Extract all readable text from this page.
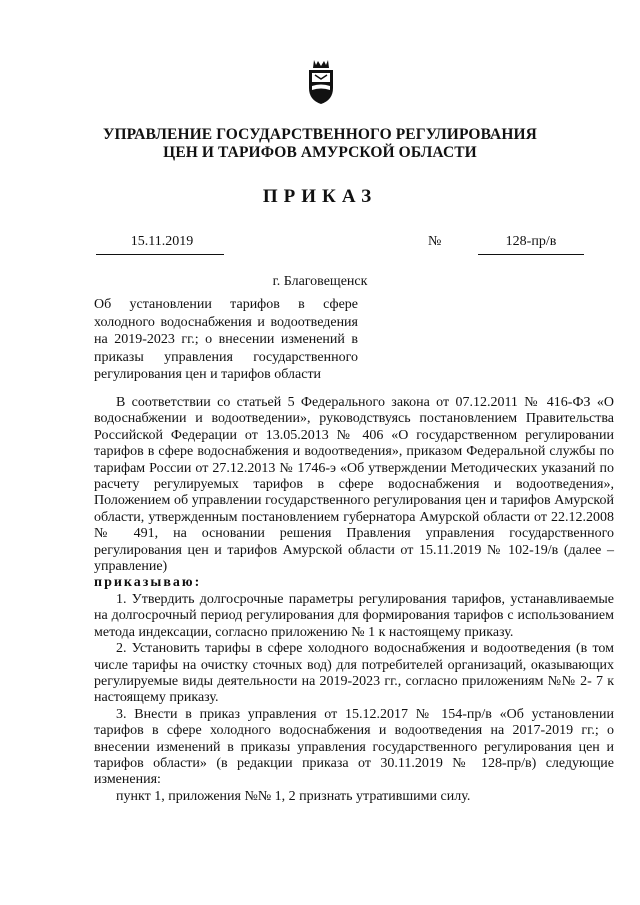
УПРАВЛЕНИЕ ГОСУДАРСТВЕННОГО РЕГУЛИРОВАНИЯ
ЦЕН И ТАРИФОВ АМУРСКОЙ ОБЛАСТИ
ПРИКАЗ
15.11.2019	№	128-пр/в
г. Благовещенск
Об установлении тарифов в сфере холодного водоснабжения и водоотведения на 2019-2023 гг.; о внесении изменений в приказы управления государственного регулирования цен и тарифов области

В соответствии со статьей 5 Федерального закона от 07.12.2011 № 416-ФЗ «О водоснабжении и водоотведении», руководствуясь постановлением Правительства Российской Федерации от 13.05.2013 № 406 «О государственном регулировании тарифов в сфере водоснабжения и водоотведения», приказом Федеральной службы по тарифам России от 27.12.2013 № 1746-э «Об утверждении Методических указаний по расчету регулируемых тарифов в сфере водоснабжения и водоотведения», Положением об управлении государственного регулирования цен и тарифов Амурской области, утвержденным постановлением губернатора Амурской области от 22.12.2008 № 491, на основании решения Правления управления государственного регулирования цен и тарифов Амурской области от 15.11.2019 № 102-19/в (далее – управление)

приказываю:

1. Утвердить долгосрочные параметры регулирования тарифов, устанавливаемые на долгосрочный период регулирования для формирования тарифов с использованием метода индексации, согласно приложению № 1 к настоящему приказу.

2. Установить тарифы в сфере холодного водоснабжения и водоотведения (в том числе тарифы на очистку сточных вод) для потребителей организаций, оказывающих регулируемые виды деятельности на 2019-2023 гг., согласно приложениям №№ 2- 7 к настоящему приказу.

3. Внести в приказ управления от 15.12.2017 № 154-пр/в «Об установлении тарифов в сфере холодного водоснабжения и водоотведения на 2017-2019 гг.; о внесении изменений в приказы управления государственного регулирования цен и тарифов области» (в редакции приказа от 30.11.2019 № 128-пр/в) следующие изменения:

пункт 1, приложения №№ 1, 2 признать утратившими силу.
